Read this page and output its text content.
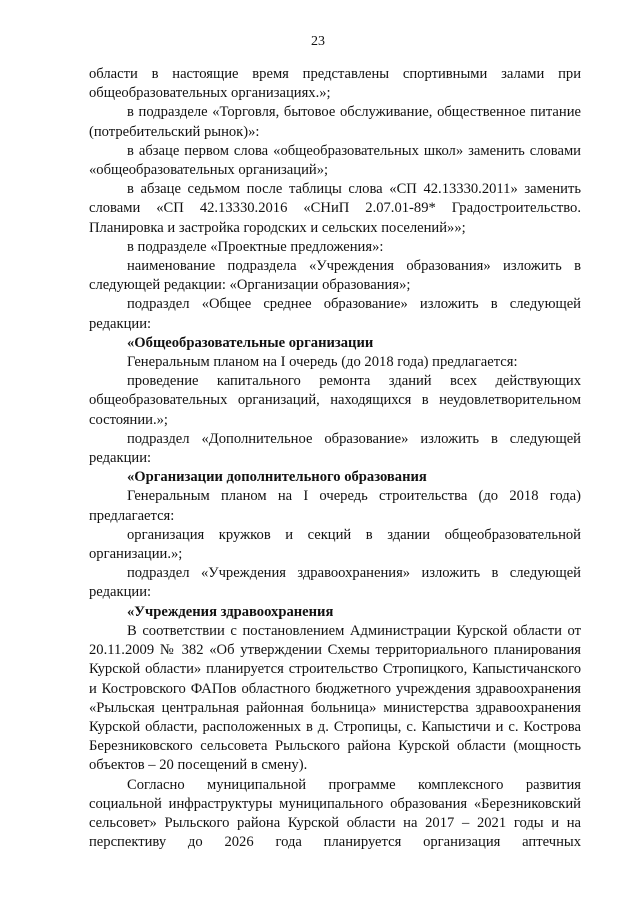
23

области в настоящие время представлены спортивными залами при общеобразовательных организациях.»;

в подразделе «Торговля, бытовое обслуживание, общественное питание (потребительский рынок)»:

в абзаце первом слова «общеобразовательных школ» заменить словами «общеобразовательных организаций»;

в абзаце седьмом после таблицы слова «СП 42.13330.2011» заменить словами «СП 42.13330.2016 «СНиП 2.07.01-89* Градостроительство. Планировка и застройка городских и сельских поселений»»;

в подразделе «Проектные предложения»:

наименование подраздела «Учреждения образования» изложить в следующей редакции: «Организации образования»;

подраздел «Общее среднее образование» изложить в следующей редакции:

«Общеобразовательные организации

Генеральным планом на I очередь (до 2018 года) предлагается:

проведение капитального ремонта зданий всех действующих общеобразовательных организаций, находящихся в неудовлетворительном состоянии.»;

подраздел «Дополнительное образование» изложить в следующей редакции:

«Организации дополнительного образования

Генеральным планом на I очередь строительства (до 2018 года) предлагается:

организация кружков и секций в здании общеобразовательной организации.»;

подраздел «Учреждения здравоохранения» изложить в следующей редакции:

«Учреждения здравоохранения

В соответствии с постановлением Администрации Курской области от 20.11.2009 № 382 «Об утверждении Схемы территориального планирования Курской области» планируется строительство Стропицкого, Капыстичанского и Костровского ФАПов областного бюджетного учреждения здравоохранения «Рыльская центральная районная больница» министерства здравоохранения Курской области, расположенных в д. Стропицы, с. Капыстичи и с. Кострова Березниковского сельсовета Рыльского района Курской области (мощность объектов – 20 посещений в смену).

Согласно муниципальной программе комплексного развития социальной инфраструктуры муниципального образования «Березниковский сельсовет» Рыльского района Курской области на 2017 – 2021 годы и на перспективу до 2026 года планируется организация аптечных
